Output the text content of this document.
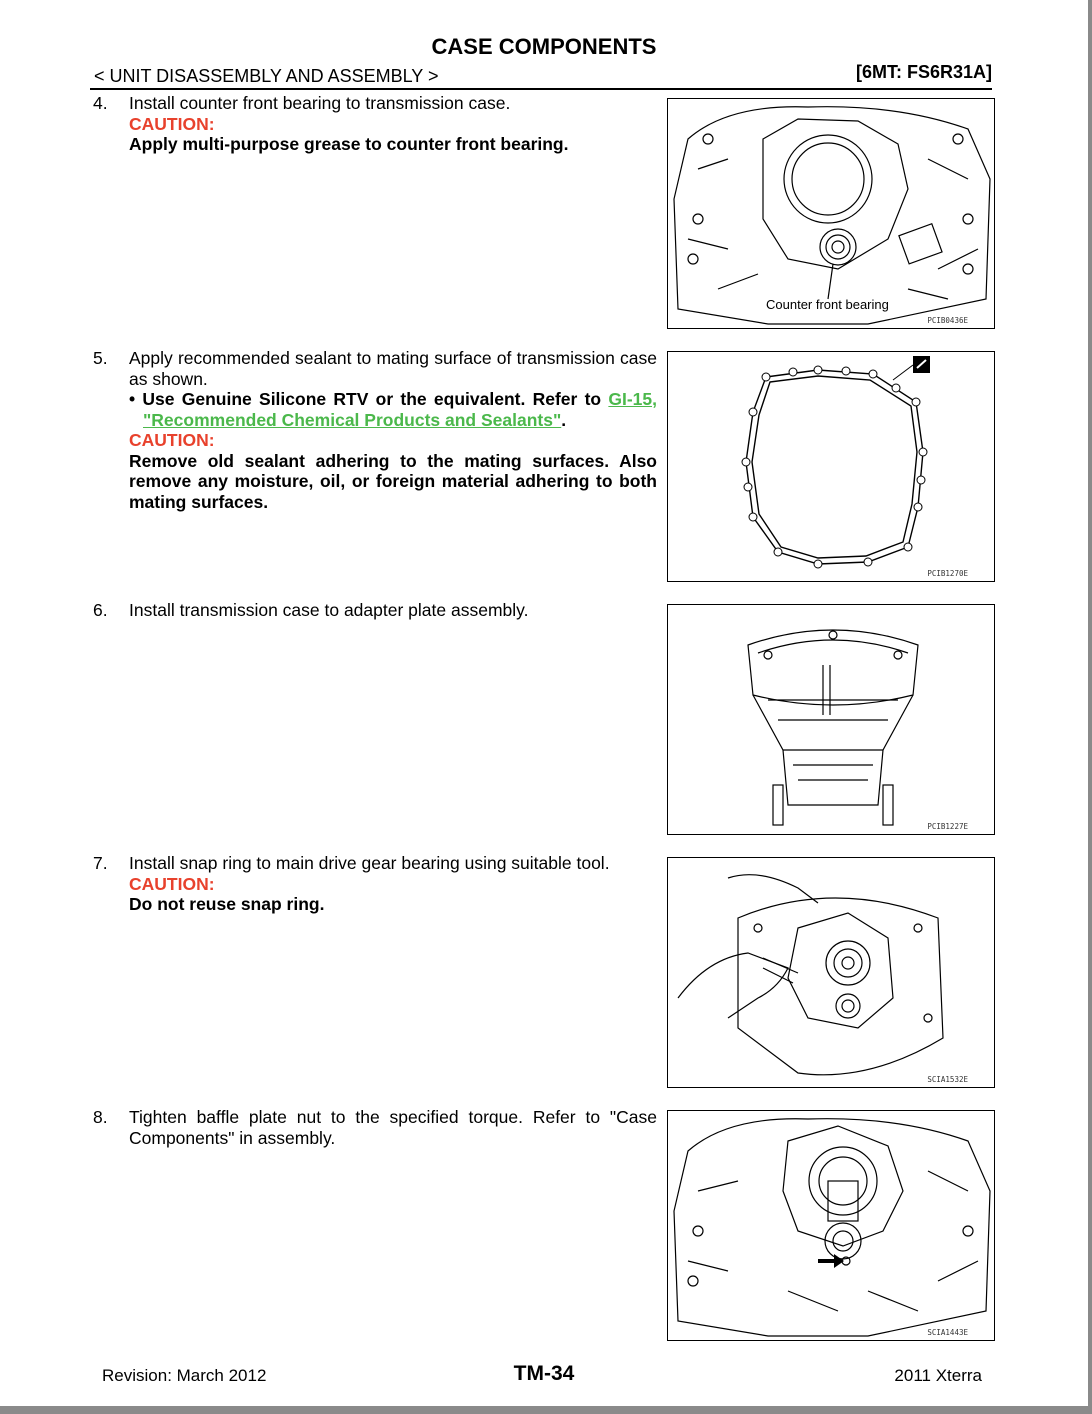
CASE COMPONENTS
< UNIT DISASSEMBLY AND ASSEMBLY >	[6MT: FS6R31A]
4. Install counter front bearing to transmission case.
CAUTION:
Apply multi-purpose grease to counter front bearing.
Counter front bearing
PCIB0436E
5. Apply recommended sealant to mating surface of transmission case as shown.
• Use Genuine Silicone RTV or the equivalent. Refer to GI-15, "Recommended Chemical Products and Sealants".
CAUTION:
Remove old sealant adhering to the mating surfaces. Also remove any moisture, oil, or foreign material adhering to both mating surfaces.
PCIB1270E
6. Install transmission case to adapter plate assembly.
PCIB1227E
7. Install snap ring to main drive gear bearing using suitable tool.
CAUTION:
Do not reuse snap ring.
SCIA1532E
8. Tighten baffle plate nut to the specified torque. Refer to "Case Components" in assembly.
SCIA1443E
Revision: March 2012	TM-34	2011 Xterra
